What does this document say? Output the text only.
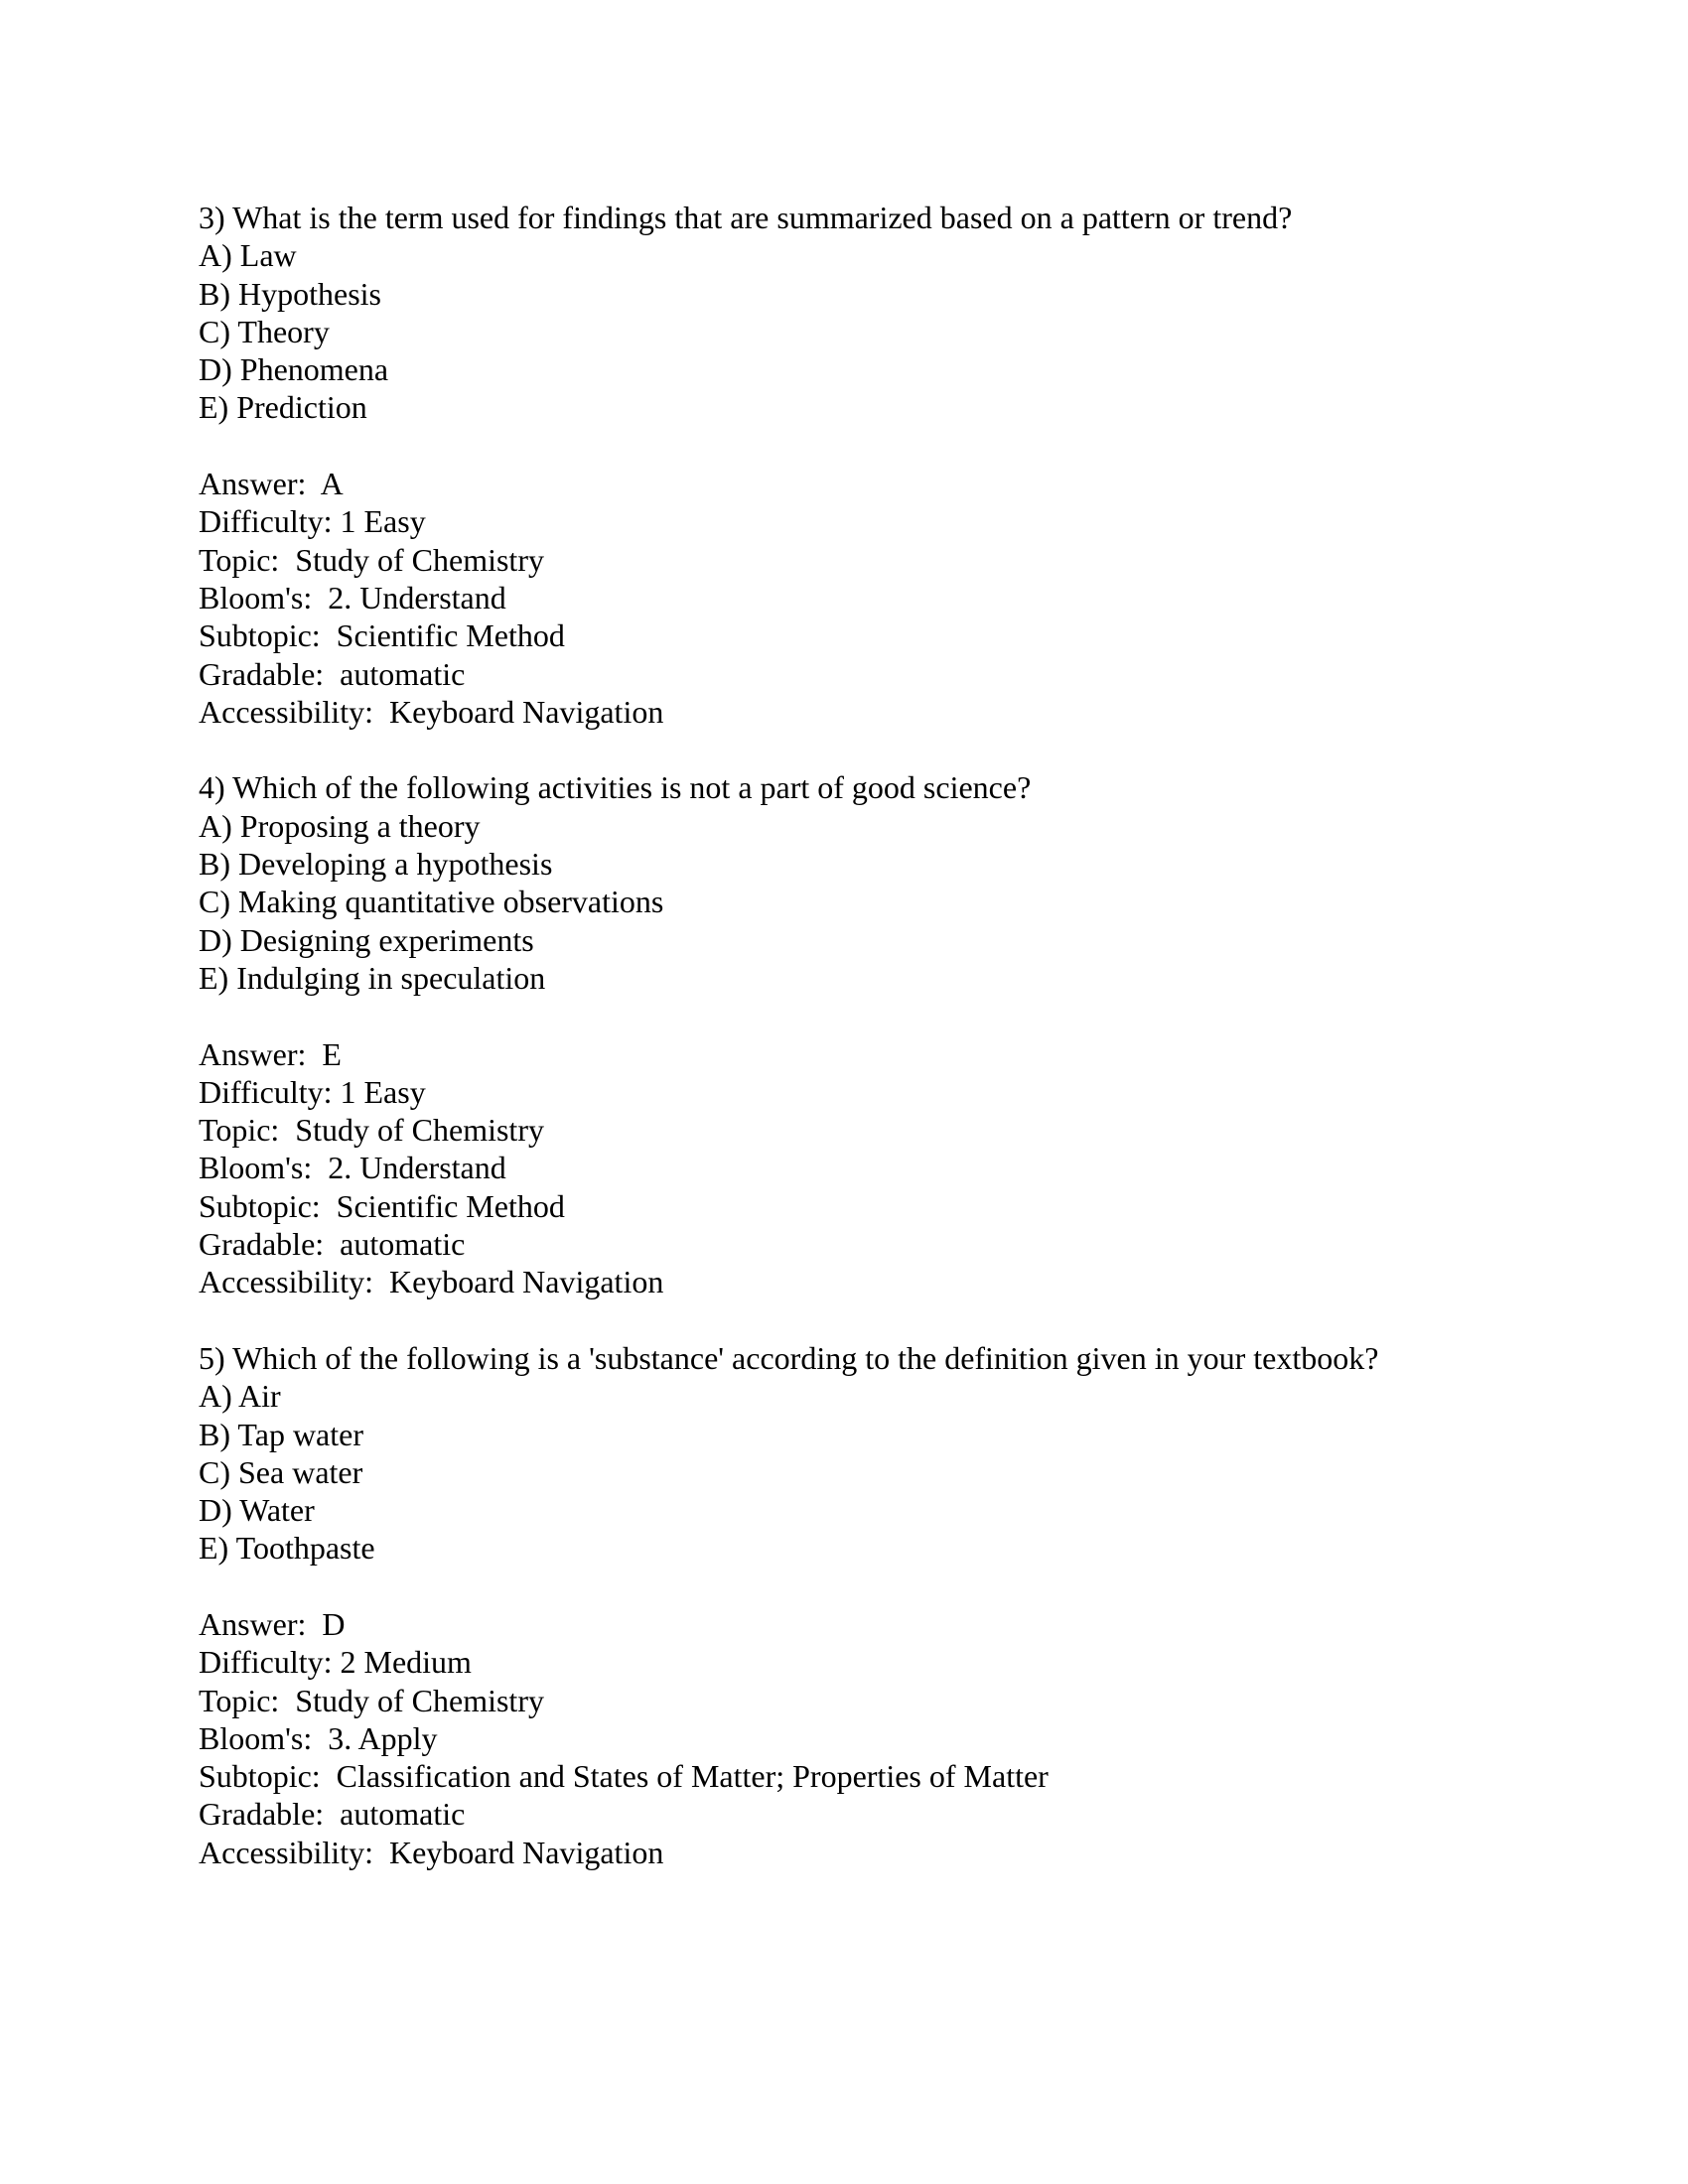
3) What is the term used for findings that are summarized based on a pattern or trend?
A) Law
B) Hypothesis
C) Theory
D) Phenomena
E) Prediction
Answer:  A
Difficulty: 1 Easy
Topic:  Study of Chemistry
Bloom's:  2. Understand
Subtopic:  Scientific Method
Gradable:  automatic
Accessibility:  Keyboard Navigation
4) Which of the following activities is not a part of good science?
A) Proposing a theory
B) Developing a hypothesis
C) Making quantitative observations
D) Designing experiments
E) Indulging in speculation
Answer:  E
Difficulty: 1 Easy
Topic:  Study of Chemistry
Bloom's:  2. Understand
Subtopic:  Scientific Method
Gradable:  automatic
Accessibility:  Keyboard Navigation
5) Which of the following is a 'substance' according to the definition given in your textbook?
A) Air
B) Tap water
C) Sea water
D) Water
E) Toothpaste
Answer:  D
Difficulty: 2 Medium
Topic:  Study of Chemistry
Bloom's:  3. Apply
Subtopic:  Classification and States of Matter; Properties of Matter
Gradable:  automatic
Accessibility:  Keyboard Navigation
